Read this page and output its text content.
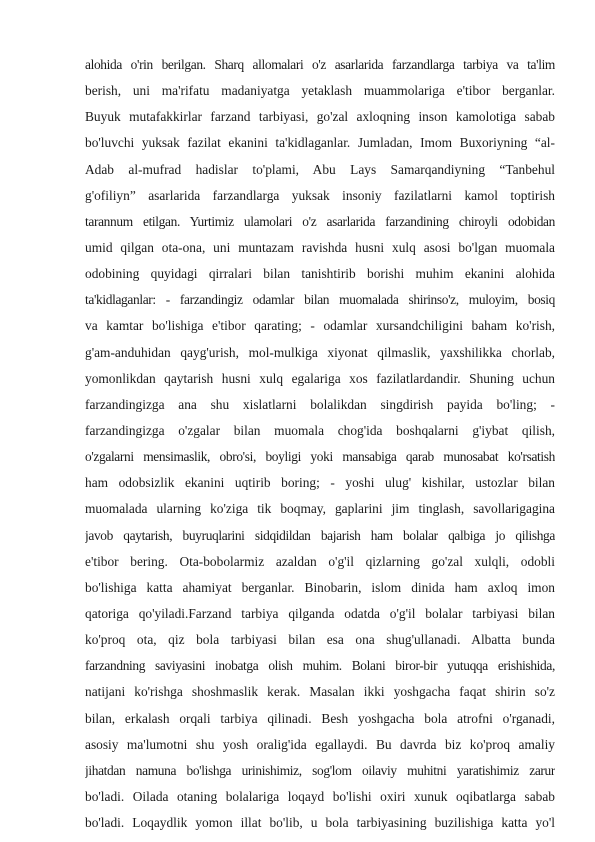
alohida o'rin berilgan. Sharq allomalari o'z asarlarida farzandlarga tarbiya va ta'lim
berish, uni ma'rifatu madaniyatga yetaklash muammolariga e'tibor berganlar.
Buyuk mutafakkirlar farzand tarbiyasi, go'zal axloqning inson kamolotiga sabab
bo'luvchi yuksak fazilat ekanini ta'kidlaganlar. Jumladan, Imom Buxoriyning “al-
Adab al-mufrad hadislar to'plami, Abu Lays Samarqandiyning “Tanbehul
g'ofiliyn” asarlarida farzandlarga yuksak insoniy fazilatlarni kamol toptirish
tarannum etilgan. Yurtimiz ulamolari o'z asarlarida farzandining chiroyli odobidan
umid qilgan ota-ona, uni muntazam ravishda husni xulq asosi bo'lgan muomala
odobining quyidagi qirralari bilan tanishtirib borishi muhim ekanini alohida
ta'kidlaganlar: - farzandingiz odamlar bilan muomalada shirinso'z, muloyim, bosiq
va kamtar bo'lishiga e'tibor qarating; - odamlar xursandchiligini baham ko'rish,
g'am-anduhidan qayg'urish, mol-mulkiga xiyonat qilmaslik, yaxshilikka chorlab,
yomonlikdan qaytarish husni xulq egalariga xos fazilatlardandir. Shuning uchun
farzandingizga ana shu xislatlarni bolalikdan singdirish payida bo'ling; -
farzandingizga o'zgalar bilan muomala chog'ida boshqalarni g'iybat qilish,
o'zgalarni mensimaslik, obro'si, boyligi yoki mansabiga qarab munosabat ko'rsatish
ham odobsizlik ekanini uqtirib boring; - yoshi ulug' kishilar, ustozlar bilan
muomalada ularning ko'ziga tik boqmay, gaplarini jim tinglash, savollarigagina
javob qaytarish, buyruqlarini sidqidildan bajarish ham bolalar qalbiga jo qilishga
e'tibor bering. Ota-bobolarmiz azaldan o'g'il qizlarning go'zal xulqli, odobli
bo'lishiga katta ahamiyat berganlar. Binobarin, islom dinida ham axloq imon
qatoriga qo'yiladi.Farzand tarbiya qilganda odatda o'g'il bolalar tarbiyasi bilan
ko'proq ota, qiz bola tarbiyasi bilan esa ona shug'ullanadi. Albatta bunda
farzandning saviyasini inobatga olish muhim. Bolani biror-bir yutuqqa erishishida,
natijani ko'rishga shoshmaslik kerak. Masalan ikki yoshgacha faqat shirin so'z
bilan, erkalash orqali tarbiya qilinadi. Besh yoshgacha bola atrofni o'rganadi,
asosiy ma'lumotni shu yosh oralig'ida egallaydi. Bu davrda biz ko'proq amaliy
jihatdan namuna bo'lishga urinishimiz, sog'lom oilaviy muhitni yaratishimiz zarur
bo'ladi. Oilada otaning bolalariga loqayd bo'lishi oxiri xunuk oqibatlarga sabab
bo'ladi. Loqaydlik yomon illat bo'lib, u bola tarbiyasining buzilishiga katta yo'l
